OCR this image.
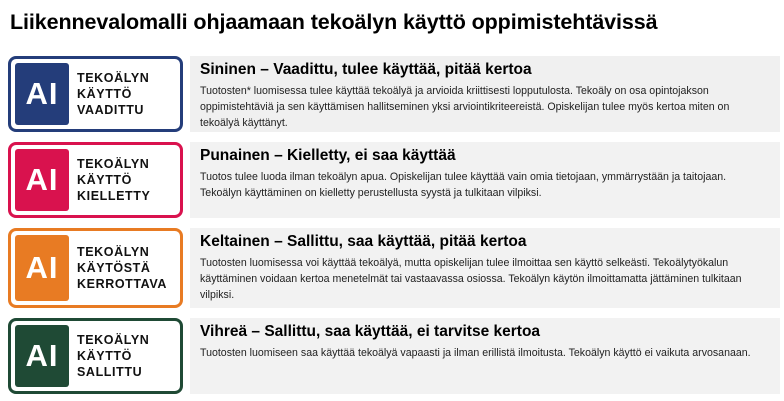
Liikennevalomalli ohjaamaan tekoälyn käyttö oppimistehtävissä
AI	TEKOÄLYN
KÄYTTÖ
VAADITTU
Sininen – Vaadittu, tulee käyttää, pitää kertoa
Tuotosten* luomisessa tulee käyttää tekoälyä ja arvioida kriittisesti lopputulosta. Tekoäly on osa opintojakson oppimistehtäviä ja sen käyttämisen hallitseminen yksi arviointikriteereistä. Opiskelijan tulee myös kertoa miten on tekoälyä käyttänyt.
AI	TEKOÄLYN
KÄYTTÖ
KIELLETTY
Punainen – Kielletty, ei saa käyttää
Tuotos tulee luoda ilman tekoälyn apua. Opiskelijan tulee käyttää vain omia tietojaan, ymmärrystään ja taitojaan. Tekoälyn käyttäminen on kielletty perustellusta syystä ja tulkitaan vilpiksi.
AI	TEKOÄLYN
KÄYTÖSTÄ
KERROTTAVA
Keltainen – Sallittu, saa käyttää, pitää kertoa
Tuotosten luomisessa voi käyttää tekoälyä, mutta opiskelijan tulee ilmoittaa sen käyttö selkeästi. Tekoälytyökalun käyttäminen voidaan kertoa menetelmät tai vastaavassa osiossa. Tekoälyn käytön ilmoittamatta jättäminen tulkitaan vilpiksi.
AI	TEKOÄLYN
KÄYTTÖ
SALLITTU
Vihreä – Sallittu, saa käyttää, ei tarvitse kertoa
Tuotosten luomiseen saa käyttää tekoälyä vapaasti ja ilman erillistä ilmoitusta. Tekoälyn käyttö ei vaikuta arvosanaan.
